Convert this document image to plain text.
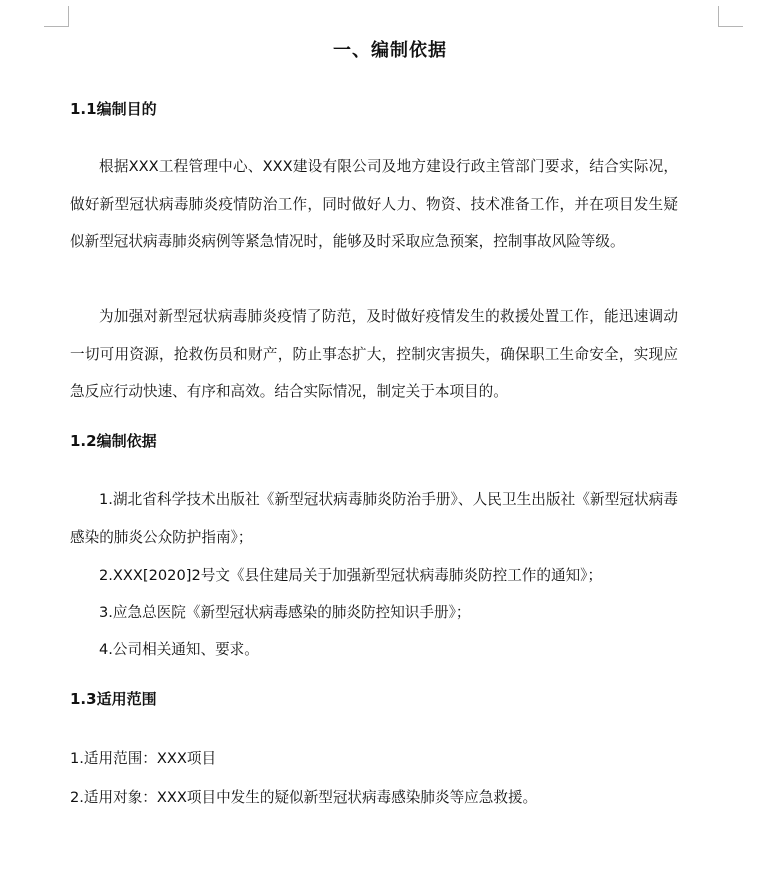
一、编制依据
1.1编制目的
根据XXX工程管理中心、XXX建设有限公司及地方建设行政主管部门要求，结合实际况，做好新型冠状病毒肺炎疫情防治工作，同时做好人力、物资、技术准备工作，并在项目发生疑似新型冠状病毒肺炎病例等紧急情况时，能够及时采取应急预案，控制事故风险等级。
为加强对新型冠状病毒肺炎疫情了防范，及时做好疫情发生的救援处置工作，能迅速调动一切可用资源，抢救伤员和财产，防止事态扩大，控制灾害损失，确保职工生命安全，实现应急反应行动快速、有序和高效。结合实际情况，制定关于本项目的。
1.2编制依据
1.湖北省科学技术出版社《新型冠状病毒肺炎防治手册》、人民卫生出版社《新型冠状病毒感染的肺炎公众防护指南》；
2.XXX[2020]2号文《县住建局关于加强新型冠状病毒肺炎防控工作的通知》；
3.应急总医院《新型冠状病毒感染的肺炎防控知识手册》；
4.公司相关通知、要求。
1.3适用范围
1.适用范围：XXX项目
2.适用对象：XXX项目中发生的疑似新型冠状病毒感染肺炎等应急救援。
